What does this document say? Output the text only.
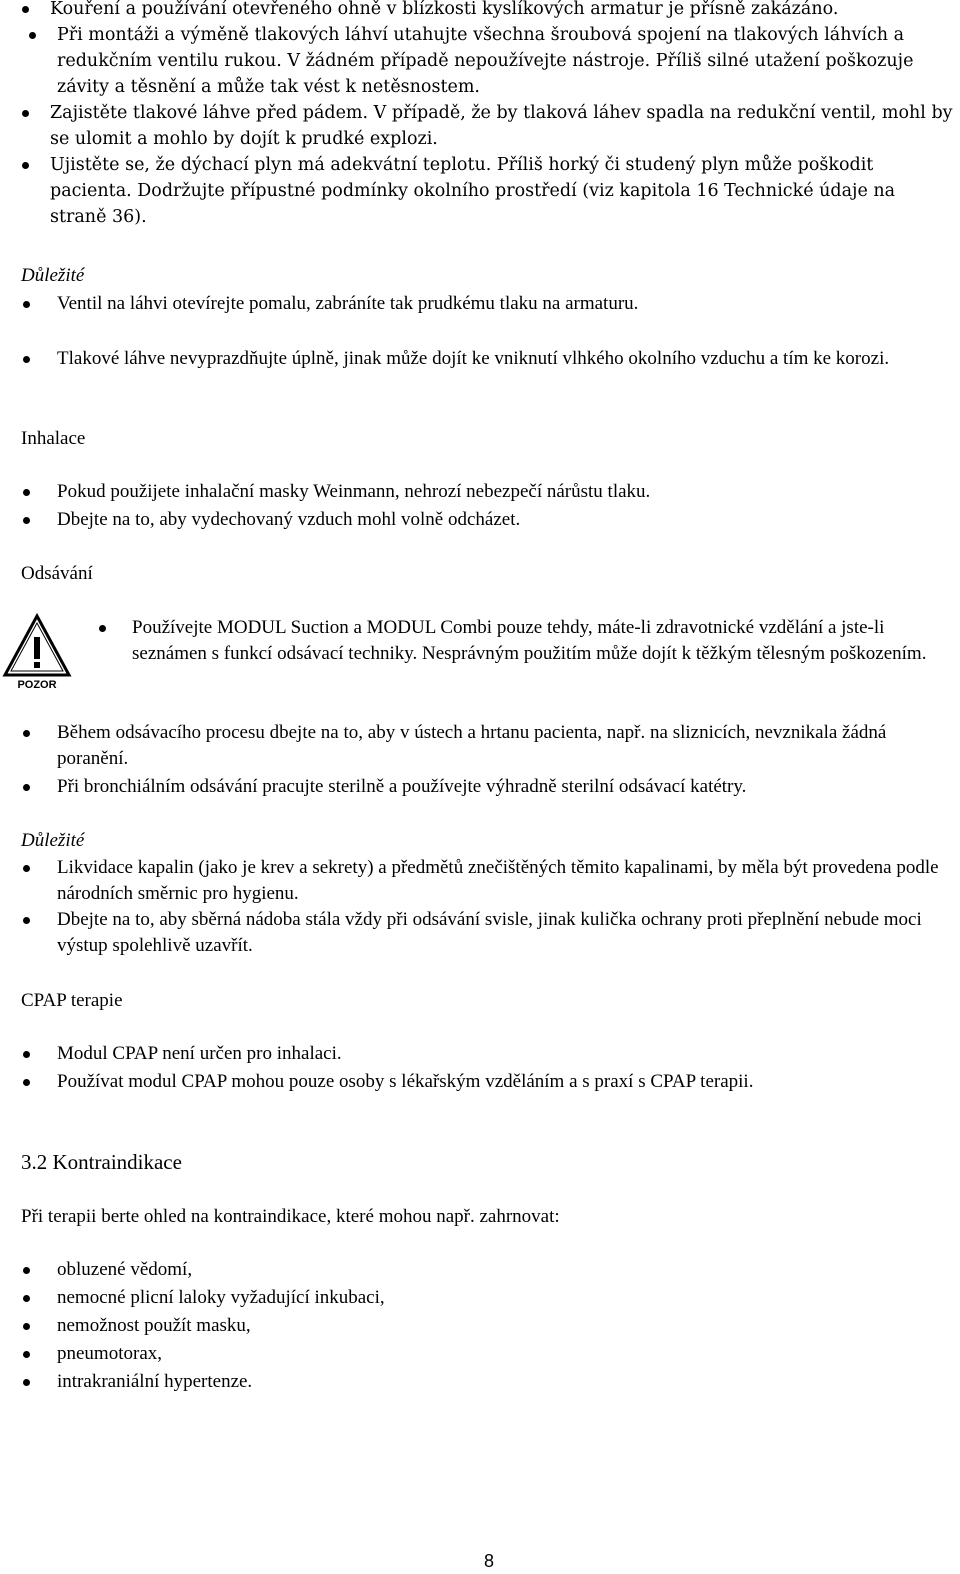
Kouření a používání otevřeného ohně v blízkosti kyslíkových armatur je přísně zakázáno.
Při montáži a výměně tlakových láhví utahujte všechna šroubová spojení na tlakových láhvích a redukčním ventilu rukou. V žádném případě nepoužívejte nástroje. Příliš silné utažení poškozuje závity a těsnění a může tak vést k netěsnostem.
Zajistěte tlakové láhve před pádem. V případě, že by tlaková láhev spadla na redukční ventil, mohl by se ulomit a mohlo by dojít k prudké explozi.
Ujistěte se, že dýchací plyn má adekvátní teplotu. Příliš horký či studený plyn může poškodit pacienta. Dodržujte přípustné podmínky okolního prostředí (viz kapitola 16 Technické údaje na straně 36).
Důležité
Ventil na láhvi otevírejte pomalu, zabráníte tak prudkému tlaku na armaturu.
Tlakové láhve nevyprazdňujte úplně, jinak může dojít ke vniknutí vlhkého okolního vzduchu a tím ke korozi.
Inhalace
Pokud použijete inhalační masky Weinmann, nehrozí nebezpečí nárůstu tlaku.
Dbejte na to, aby vydechovaný vzduch mohl volně odcházet.
Odsávání
POZOR
Používejte MODUL Suction a MODUL Combi pouze tehdy, máte-li zdravotnické vzdělání a jste-li seznámen s funkcí odsávací techniky. Nesprávným použitím může dojít k těžkým tělesným poškozením.
Během odsávacího procesu dbejte na to, aby v ústech a hrtanu pacienta, např. na sliznicích, nevznikala žádná poranění.
Při bronchiálním odsávání pracujte sterilně a používejte výhradně sterilní odsávací katétry.
Důležité
Likvidace kapalin (jako je krev a sekrety) a předmětů znečištěných těmito kapalinami, by měla být provedena podle národních směrnic pro hygienu.
Dbejte na to, aby sběrná nádoba stála vždy při odsávání svisle, jinak kulička ochrany proti přeplnění nebude moci výstup spolehlivě uzavřít.
CPAP terapie
Modul CPAP není určen pro inhalaci.
Používat modul CPAP mohou pouze osoby s lékařským vzděláním a s praxí s CPAP terapii.
3.2 Kontraindikace
Při terapii berte ohled na kontraindikace, které mohou např. zahrnovat:
obluzené vědomí,
nemocné plicní laloky vyžadující inkubaci,
nemožnost použít masku,
pneumotorax,
intrakraniální hypertenze.
8
